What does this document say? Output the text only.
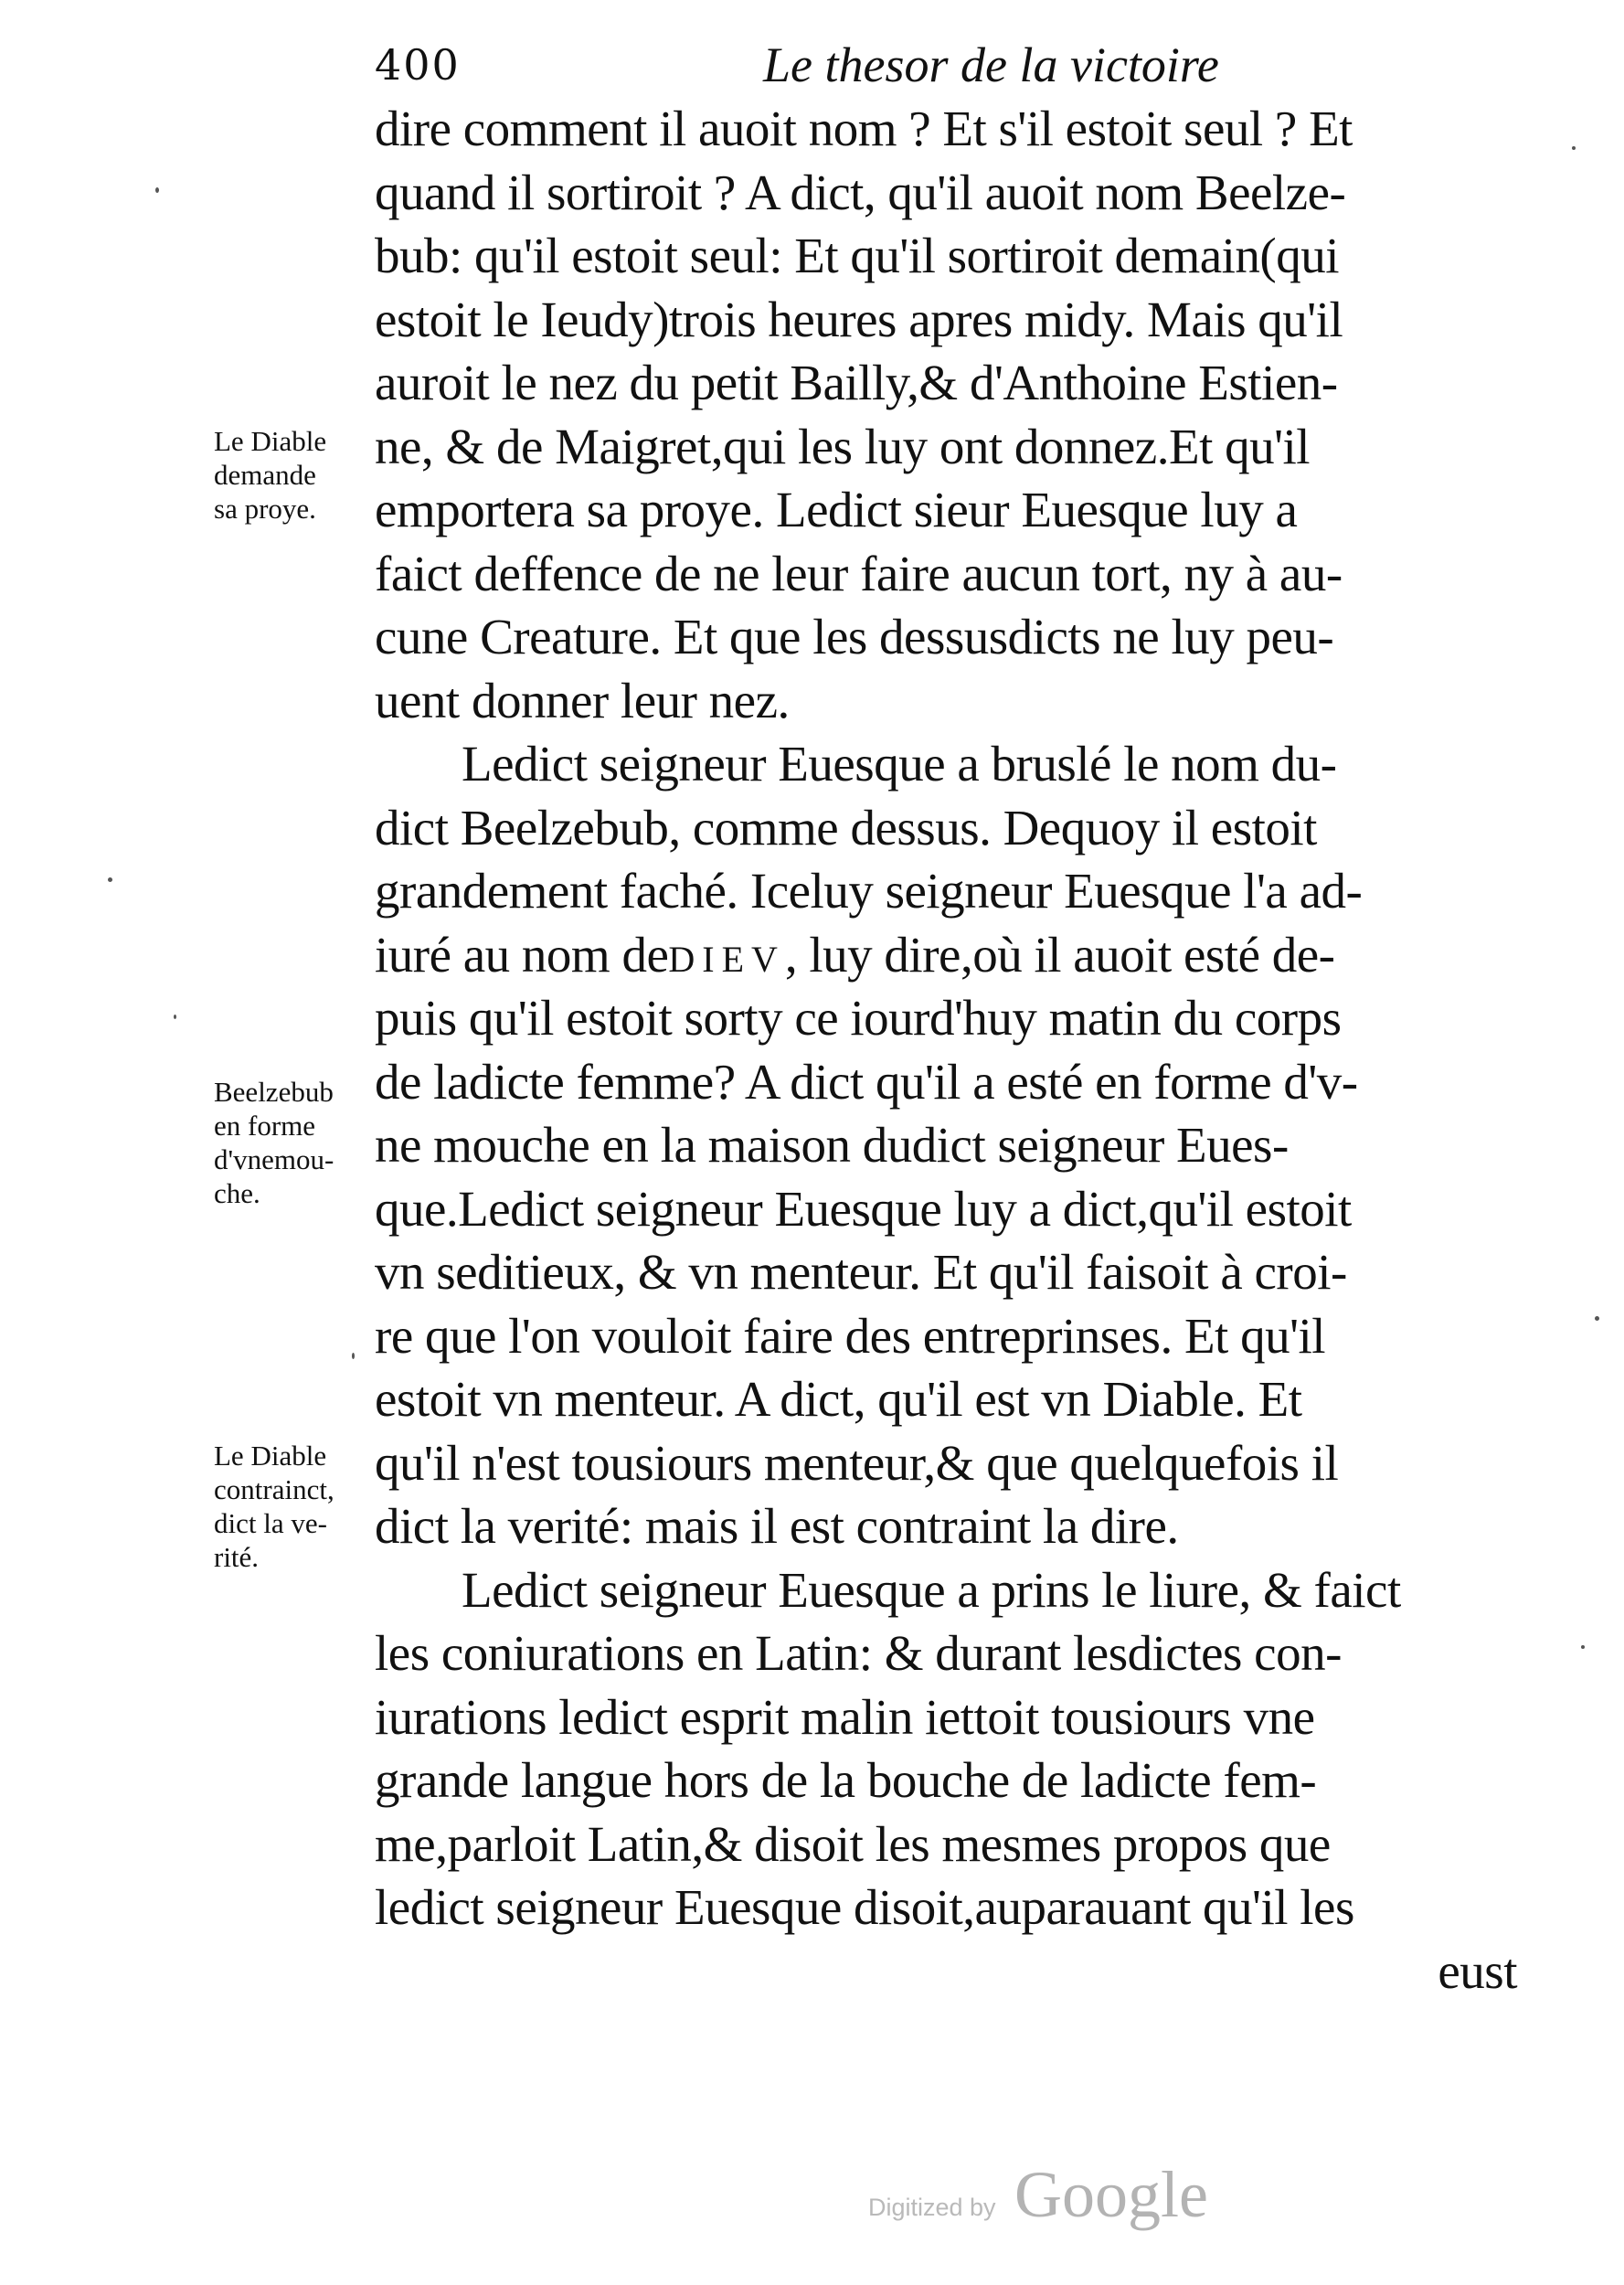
400	Le thesor de la victoire
dire comment il auoit nom ? Et s'il estoit seul ? Et
quand il sortiroit ? A dict, qu'il auoit nom Beelze-
bub: qu'il estoit seul: Et qu'il sortiroit demain(qui
estoit le Ieudy)trois heures apres midy. Mais qu'il
auroit le nez du petit Bailly,& d'Anthoine Estien-
ne, & de Maigret,qui les luy ont donnez.Et qu'il
emportera sa proye. Ledict sieur Euesque luy a
faict deffence de ne leur faire aucun tort, ny à au-
cune Creature. Et que les dessusdicts ne luy peu-
uent donner leur nez.
Ledict seigneur Euesque a bruslé le nom du-
dict Beelzebub, comme dessus. Dequoy il estoit
grandement faché. Iceluy seigneur Euesque l'a ad-
iuré au nom deDIEV, luy dire,où il auoit esté de-
puis qu'il estoit sorty ce iourd'huy matin du corps
de ladicte femme? A dict qu'il a esté en forme d'v-
ne mouche en la maison dudict seigneur Eues-
que.Ledict seigneur Euesque luy a dict,qu'il estoit
vn seditieux, & vn menteur. Et qu'il faisoit à croi-
re que l'on vouloit faire des entreprinses. Et qu'il
estoit vn menteur. A dict, qu'il est vn Diable. Et
qu'il n'est tousiours menteur,& que quelquefois il
dict la verité: mais il est contraint la dire.
Ledict seigneur Euesque a prins le liure, & faict
les coniurations en Latin: & durant lesdictes con-
iurations ledict esprit malin iettoit tousiours vne
grande langue hors de la bouche de ladicte fem-
me,parloit Latin,& disoit les mesmes propos que
ledict seigneur Euesque disoit,auparauant qu'il les
eust
Le Diable
demande
sa proye.
Beelzebub
en forme
d'vnemou-
che.
Le Diable
contrainct,
dict la ve-
rité.
Digitized by Google
